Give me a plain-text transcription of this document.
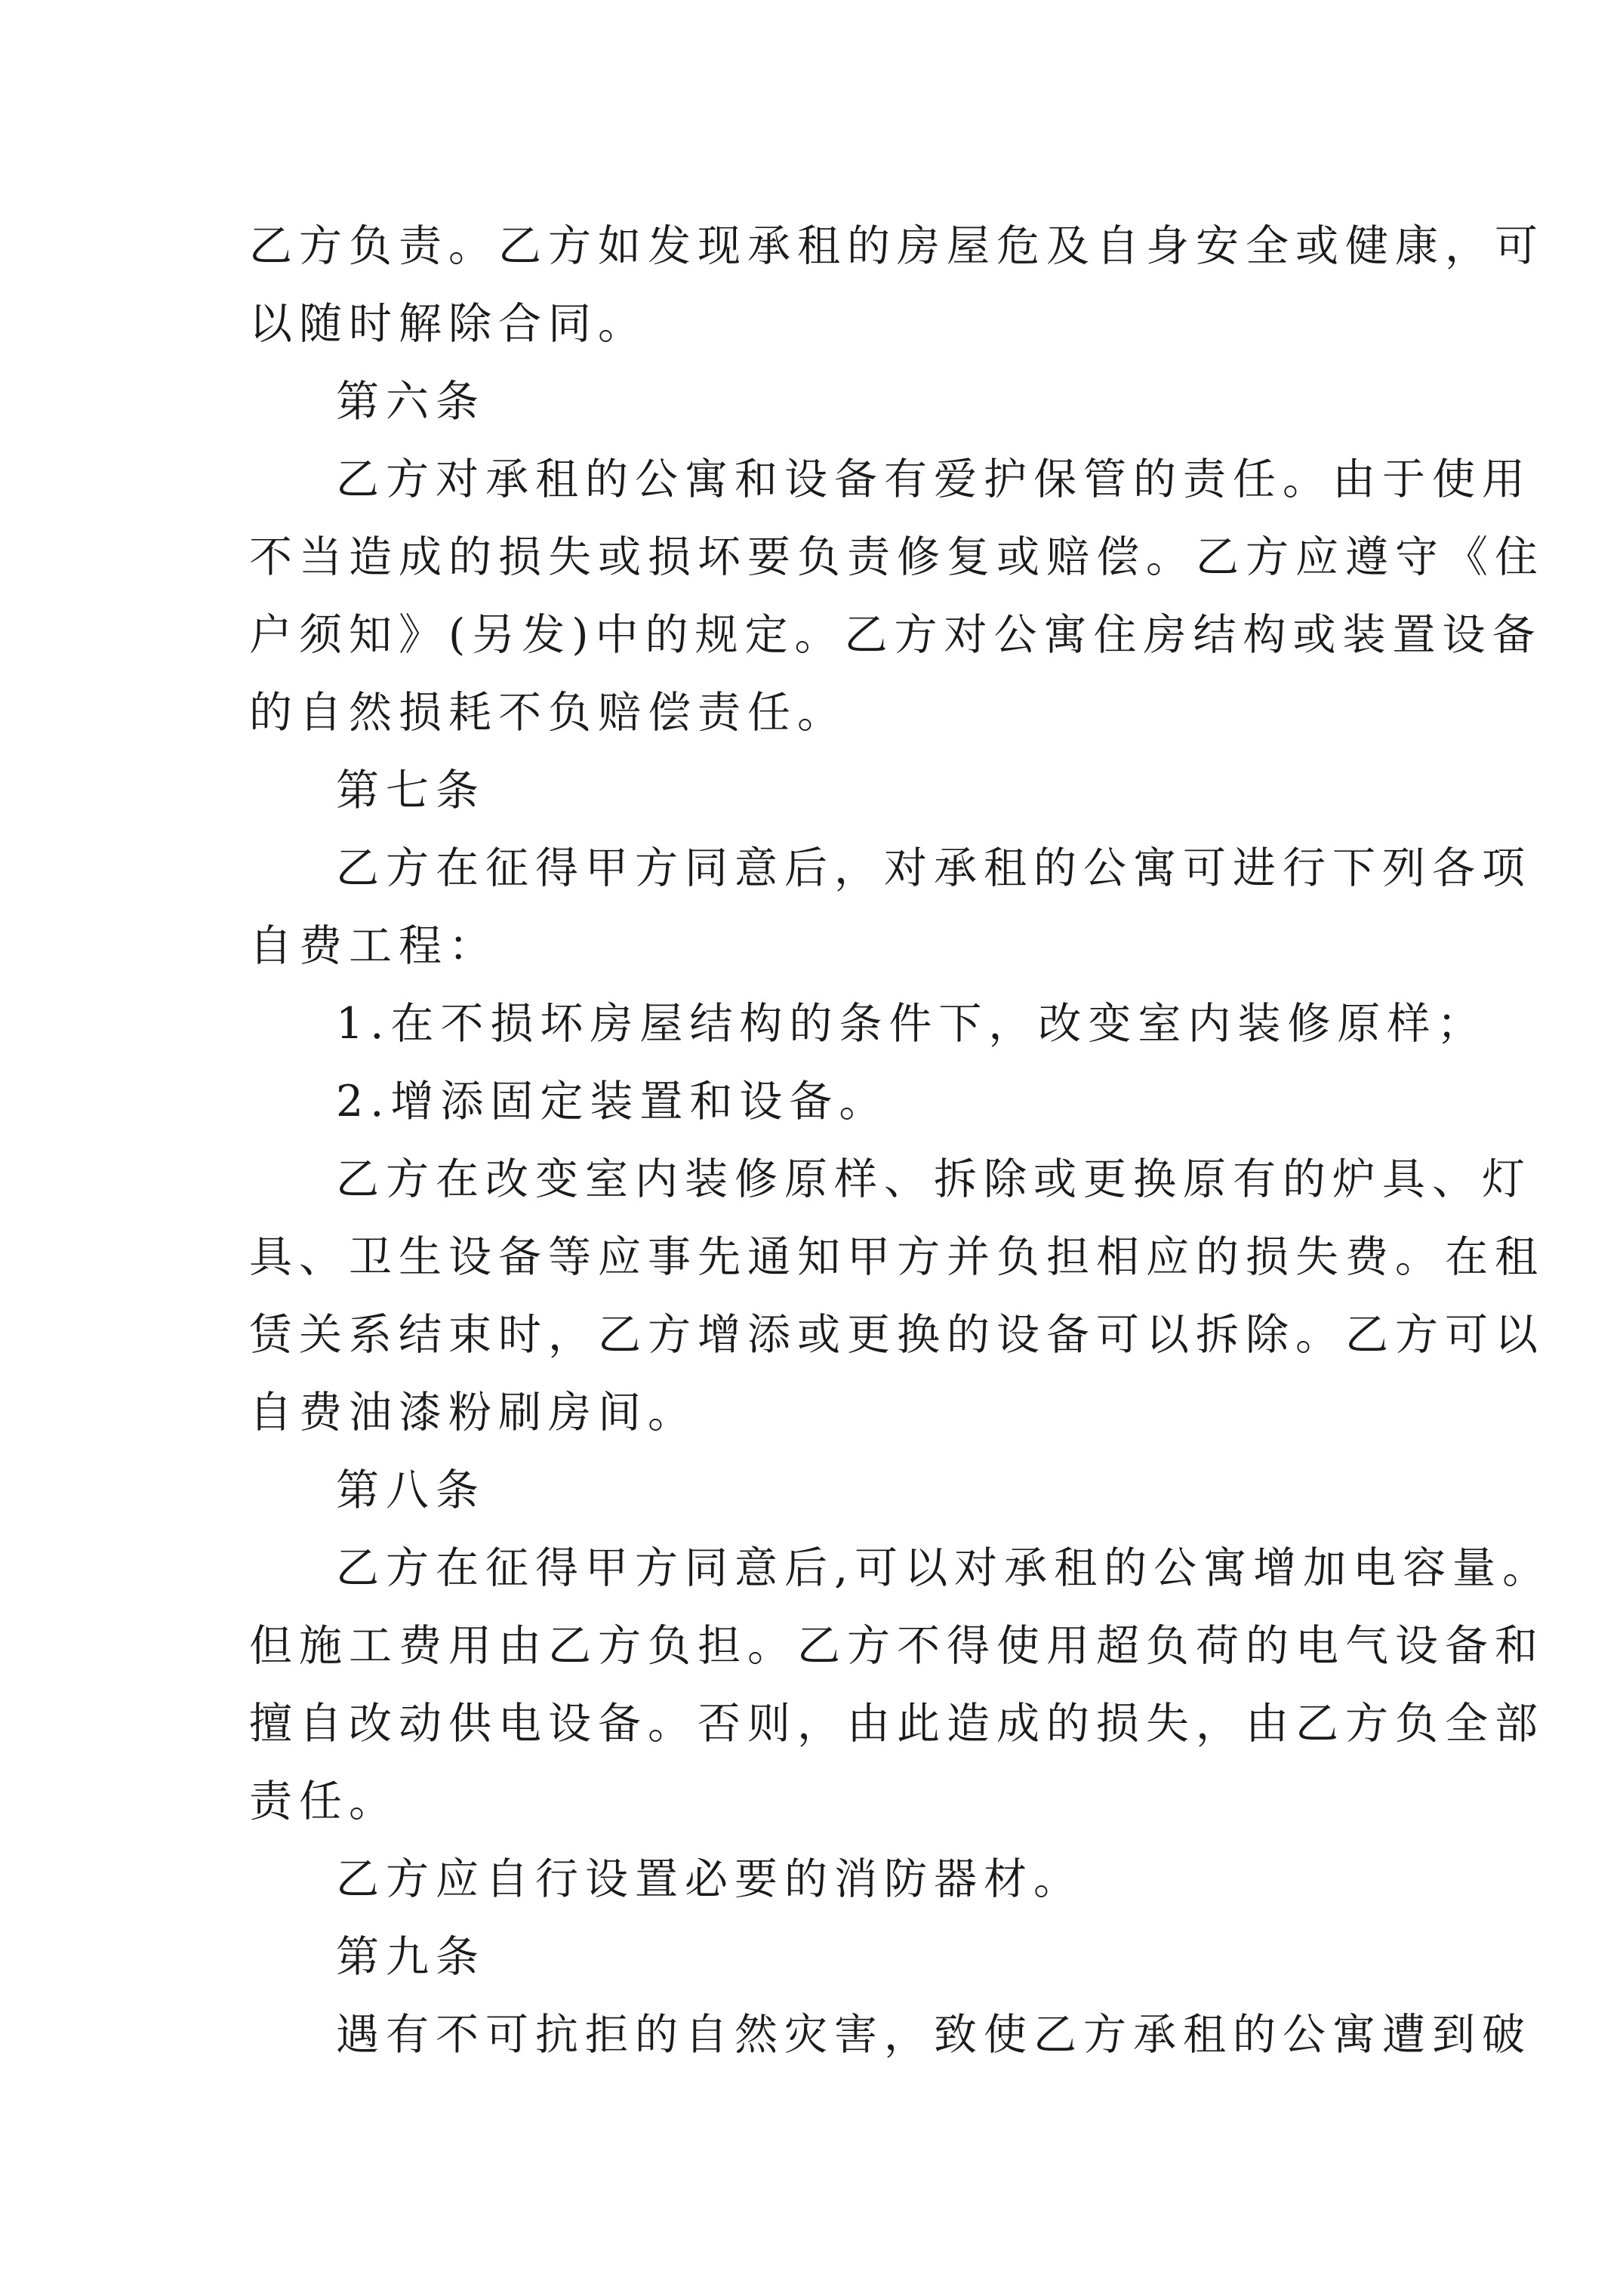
乙方负责。乙方如发现承租的房屋危及自身安全或健康，可
以随时解除合同。
第六条
乙方对承租的公寓和设备有爱护保管的责任。由于使用
不当造成的损失或损坏要负责修复或赔偿。乙方应遵守《住
户须知》(另发)中的规定。乙方对公寓住房结构或装置设备
的自然损耗不负赔偿责任。
第七条
乙方在征得甲方同意后，对承租的公寓可进行下列各项
自费工程：
1.在不损坏房屋结构的条件下，改变室内装修原样；
2.增添固定装置和设备。
乙方在改变室内装修原样、拆除或更换原有的炉具、灯
具、卫生设备等应事先通知甲方并负担相应的损失费。在租
赁关系结束时，乙方增添或更换的设备可以拆除。乙方可以
自费油漆粉刷房间。
第八条
乙方在征得甲方同意后,可以对承租的公寓增加电容量。
但施工费用由乙方负担。乙方不得使用超负荷的电气设备和
擅自改动供电设备。否则，由此造成的损失，由乙方负全部
责任。
乙方应自行设置必要的消防器材。
第九条
遇有不可抗拒的自然灾害，致使乙方承租的公寓遭到破
